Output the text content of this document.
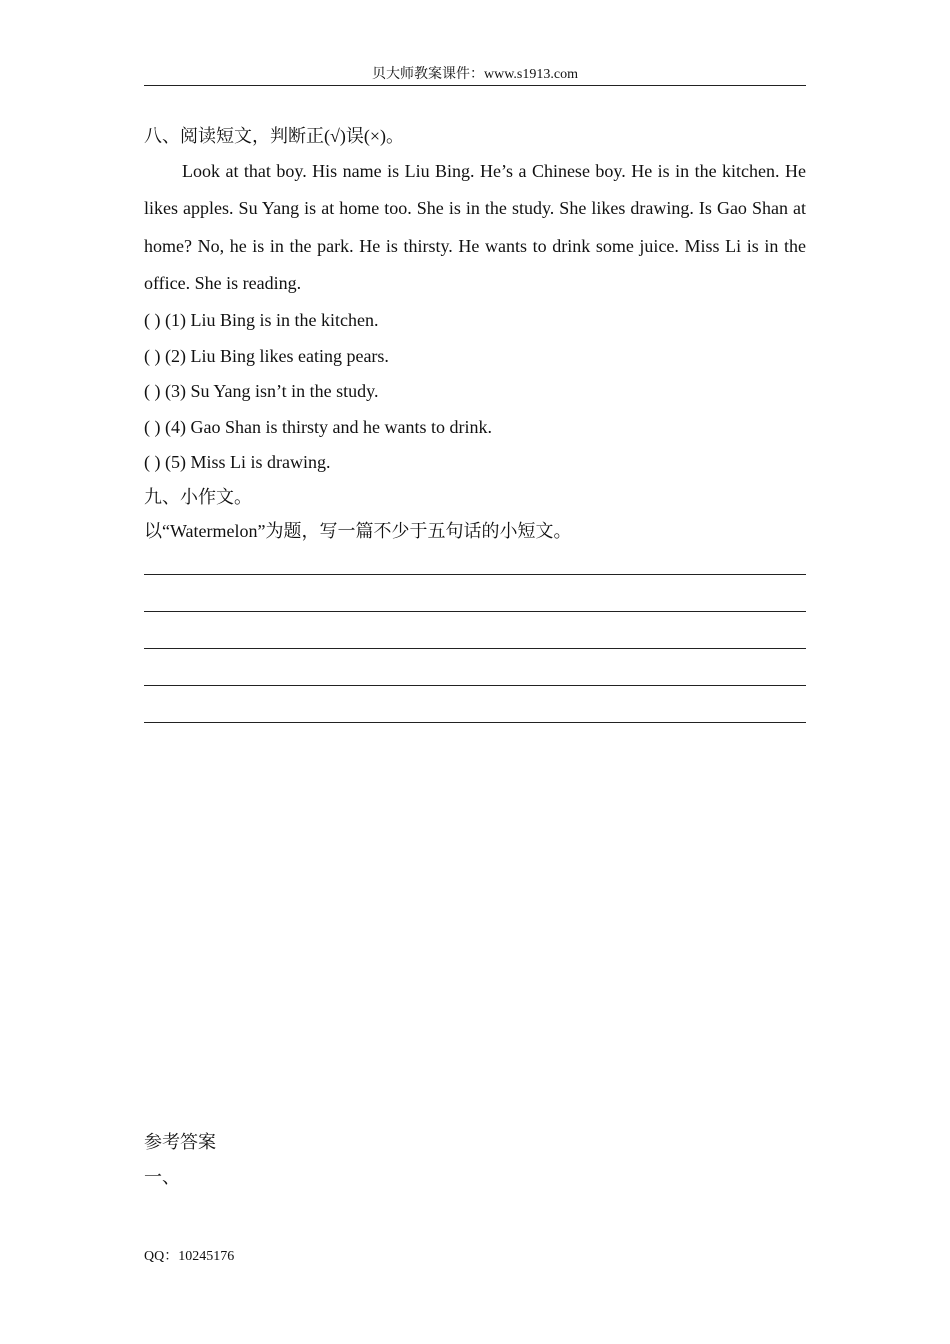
贝大师教案课件：www.s1913.com

八、阅读短文，判断正(√)误(×)。

Look at that boy. His name is Liu Bing. He’s a Chinese boy. He is in the kitchen. He likes apples. Su Yang is at home too. She is in the study. She likes drawing. Is Gao Shan at home? No, he is in the park. He is thirsty. He wants to drink some juice. Miss Li is in the office. She is reading.

( ) (1) Liu Bing is in the kitchen.
( ) (2) Liu Bing likes eating pears.
( ) (3) Su Yang isn’t in the study.
( ) (4) Gao Shan is thirsty and he wants to drink.
( ) (5) Miss Li is drawing.

九、小作文。

以“Watermelon”为题，写一篇不少于五句话的小短文。

参考答案

一、

QQ：10245176
